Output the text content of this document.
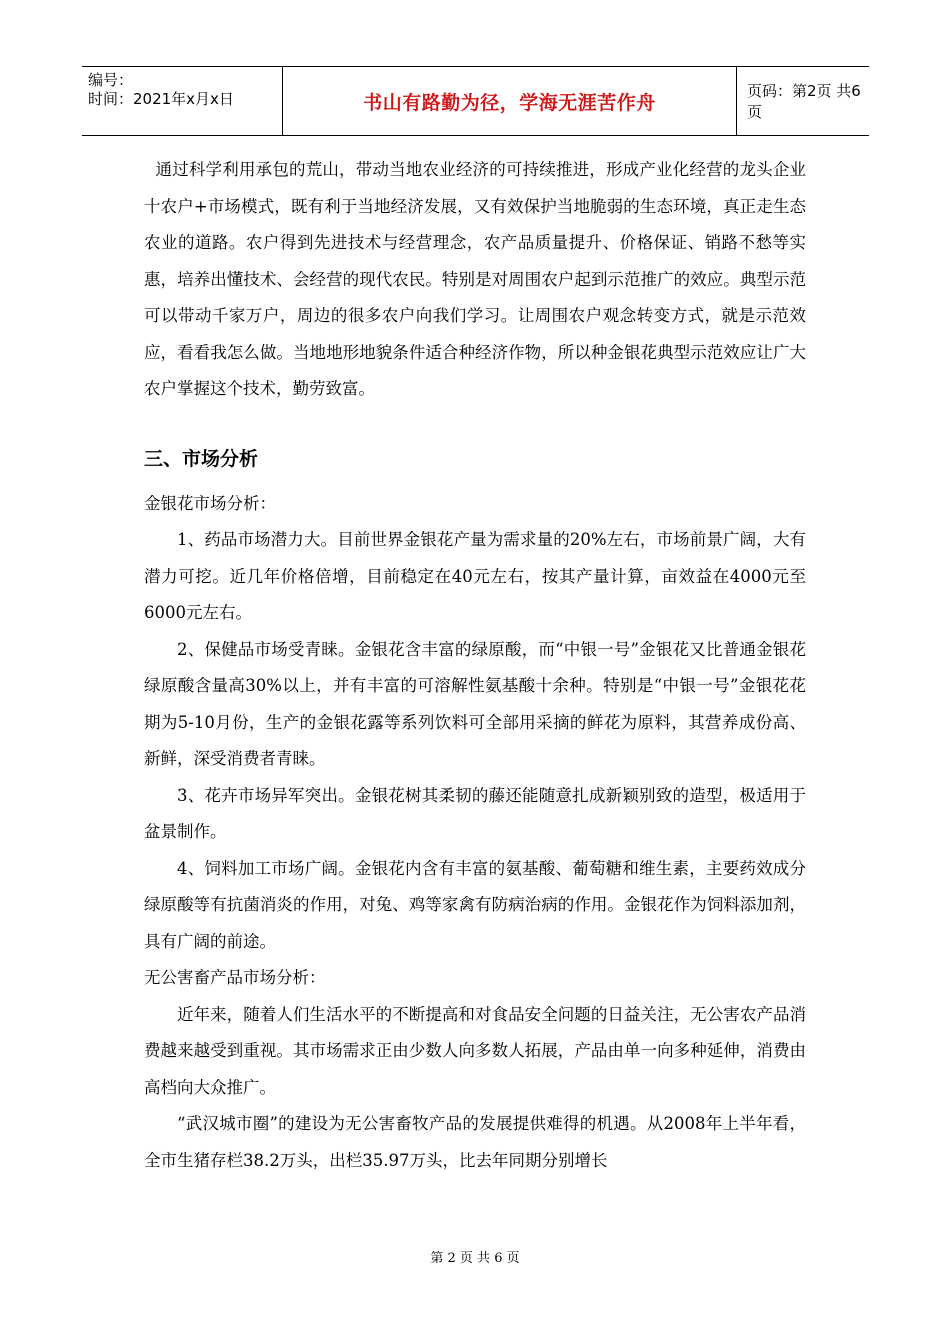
编号：
时间：2021年x月x日	书山有路勤为径，学海无涯苦作舟
页码：第2页 共6页

通过科学利用承包的荒山，带动当地农业经济的可持续推进，形成产业化经营的龙头企业十农户+市场模式，既有利于当地经济发展，又有效保护当地脆弱的生态环境，真正走生态农业的道路。农户得到先进技术与经营理念，农产品质量提升、价格保证、销路不愁等实惠，培养出懂技术、会经营的现代农民。特别是对周围农户起到示范推广的效应。典型示范可以带动千家万户，周边的很多农户向我们学习。让周围农户观念转变方式，就是示范效应，看看我怎么做。当地地形地貌条件适合种经济作物，所以种金银花典型示范效应让广大农户掌握这个技术，勤劳致富。

三、市场分析

金银花市场分析：

1、药品市场潜力大。目前世界金银花产量为需求量的20%左右，市场前景广阔，大有潜力可挖。近几年价格倍增，目前稳定在40元左右，按其产量计算，亩效益在4000元至6000元左右。

2、保健品市场受青睐。金银花含丰富的绿原酸，而“中银一号”金银花又比普通金银花绿原酸含量高30%以上，并有丰富的可溶解性氨基酸十余种。特别是“中银一号”金银花花期为5-10月份，生产的金银花露等系列饮料可全部用采摘的鲜花为原料，其营养成份高、新鲜，深受消费者青睐。

3、花卉市场异军突出。金银花树其柔韧的藤还能随意扎成新颖别致的造型，极适用于盆景制作。

4、饲料加工市场广阔。金银花内含有丰富的氨基酸、葡萄糖和维生素，主要药效成分绿原酸等有抗菌消炎的作用，对兔、鸡等家禽有防病治病的作用。金银花作为饲料添加剂，具有广阔的前途。

无公害畜产品市场分析：

近年来，随着人们生活水平的不断提高和对食品安全问题的日益关注，无公害农产品消费越来越受到重视。其市场需求正由少数人向多数人拓展，产品由单一向多种延伸，消费由高档向大众推广。

“武汉城市圈”的建设为无公害畜牧产品的发展提供难得的机遇。从2008年上半年看，全市生猪存栏38.2万头，出栏35.97万头，比去年同期分别增长

第 2 页 共 6 页
